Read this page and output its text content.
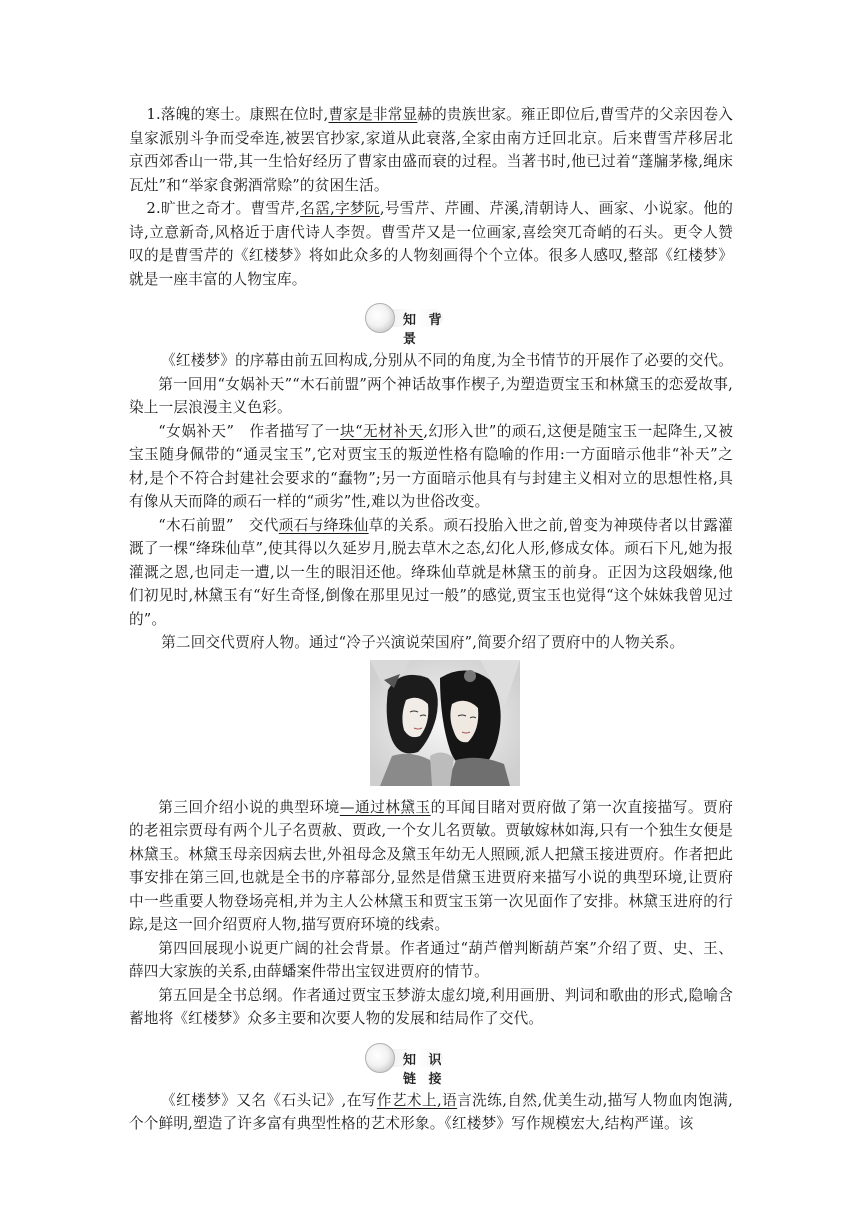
1.落魄的寒士。康熙在位时,曹家是非常显赫的贵族世家。雍正即位后,曹雪芹的父亲因卷入皇家派别斗争而受牵连,被罢官抄家,家道从此衰落,全家由南方迁回北京。后来曹雪芹移居北京西郊香山一带,其一生恰好经历了曹家由盛而衰的过程。当著书时,他已过着“蓬牖茅椽,绳床瓦灶”和“举家食粥酒常赊”的贫困生活。

2.旷世之奇才。曹雪芹,名霑,字梦阮,号雪芹、芹圃、芹溪,清朝诗人、画家、小说家。他的诗,立意新奇,风格近于唐代诗人李贺。曹雪芹又是一位画家,喜绘突兀奇峭的石头。更令人赞叹的是曹雪芹的《红楼梦》将如此众多的人物刻画得个个立体。很多人感叹,整部《红楼梦》就是一座丰富的人物宝库。

知 背 景

《红楼梦》的序幕由前五回构成,分别从不同的角度,为全书情节的开展作了必要的交代。

第一回用“女娲补天”“木石前盟”两个神话故事作楔子,为塑造贾宝玉和林黛玉的恋爱故事,染上一层浪漫主义色彩。

“女娲补天”　作者描写了一块“无材补天,幻形入世”的顽石,这便是随宝玉一起降生,又被宝玉随身佩带的“通灵宝玉”,它对贾宝玉的叛逆性格有隐喻的作用:一方面暗示他非“补天”之材,是个不符合封建社会要求的“蠢物”;另一方面暗示他具有与封建主义相对立的思想性格,具有像从天而降的顽石一样的“顽劣”性,难以为世俗改变。

“木石前盟”　交代顽石与绛珠仙草的关系。顽石投胎入世之前,曾变为神瑛侍者以甘露灌溉了一棵“绛珠仙草”,使其得以久延岁月,脱去草木之态,幻化人形,修成女体。顽石下凡,她为报灌溉之恩,也同走一遭,以一生的眼泪还他。绛珠仙草就是林黛玉的前身。正因为这段姻缘,他们初见时,林黛玉有“好生奇怪,倒像在那里见过一般”的感觉,贾宝玉也觉得“这个妹妹我曾见过的”。

第二回交代贾府人物。通过“冷子兴演说荣国府”,简要介绍了贾府中的人物关系。

第三回介绍小说的典型环境—通过林黛玉的耳闻目睹对贾府做了第一次直接描写。贾府的老祖宗贾母有两个儿子名贾赦、贾政,一个女儿名贾敏。贾敏嫁林如海,只有一个独生女便是林黛玉。林黛玉母亲因病去世,外祖母念及黛玉年幼无人照顾,派人把黛玉接进贾府。作者把此事安排在第三回,也就是全书的序幕部分,显然是借黛玉进贾府来描写小说的典型环境,让贾府中一些重要人物登场亮相,并为主人公林黛玉和贾宝玉第一次见面作了安排。林黛玉进府的行踪,是这一回介绍贾府人物,描写贾府环境的线索。

第四回展现小说更广阔的社会背景。作者通过“葫芦僧判断葫芦案”介绍了贾、史、王、薛四大家族的关系,由薛蟠案件带出宝钗进贾府的情节。

第五回是全书总纲。作者通过贾宝玉梦游太虚幻境,利用画册、判词和歌曲的形式,隐喻含蓄地将《红楼梦》众多主要和次要人物的发展和结局作了交代。

知 识 链 接

《红楼梦》又名《石头记》,在写作艺术上,语言洗练,自然,优美生动,描写人物血肉饱满,个个鲜明,塑造了许多富有典型性格的艺术形象。《红楼梦》写作规模宏大,结构严谨。该
